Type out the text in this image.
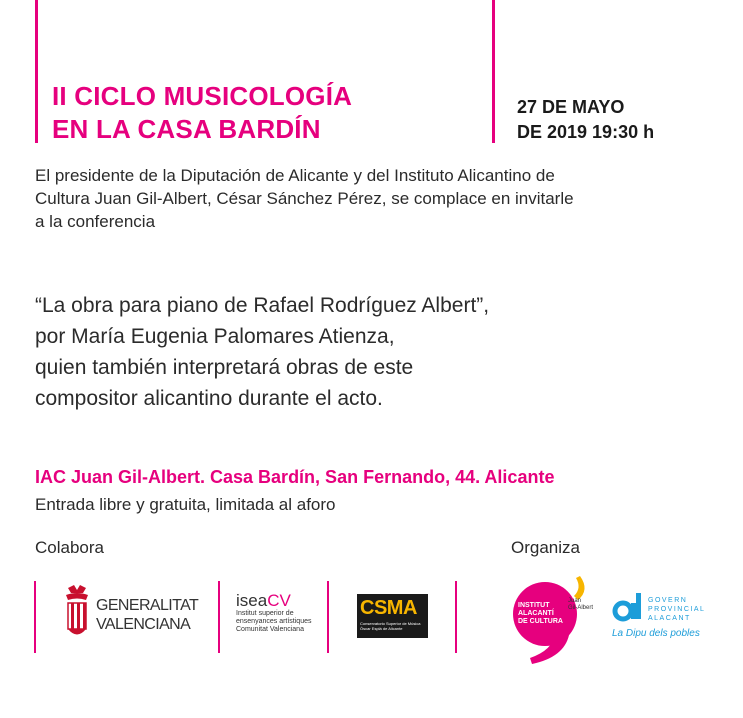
II CICLO MUSICOLOGÍA
EN LA CASA BARDÍN
27 DE MAYO
DE 2019 19:30 h
El presidente de la Diputación de Alicante y del Instituto Alicantino de
Cultura Juan Gil-Albert, César Sánchez Pérez, se complace en invitarle
a la conferencia
“La obra para piano de Rafael Rodríguez Albert”,
por María Eugenia Palomares Atienza,
quien también interpretará obras de este
compositor alicantino durante el acto.
IAC Juan Gil-Albert. Casa Bardín, San Fernando, 44. Alicante
Entrada libre y gratuita, limitada al aforo
Colabora	Organiza
GENERALITAT
VALENCIANA
iseaCV
Institut superior de
ensenyances artístiques
Comunitat Valenciana
CSMA
Conservatorio Superior de Música
Óscar Esplá de Alicante
INSTITUT
ALACANTÍ
DE CULTURA
Juan
Gil-Albert
GOVERN
PROVINCIAL
ALACANT
La Dipu dels pobles
